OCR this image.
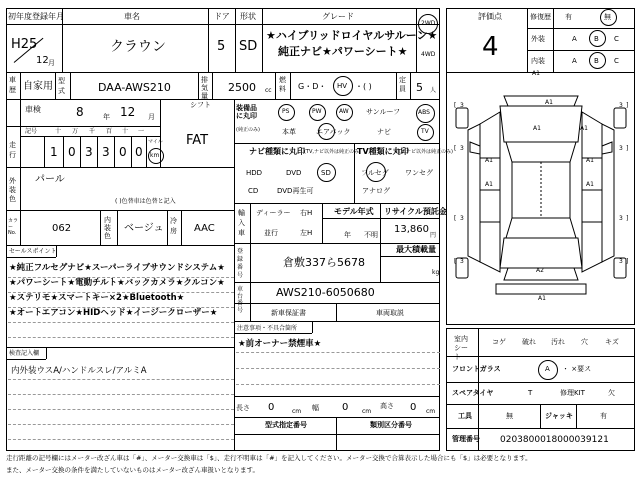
初年度登録年月	車名	ドア 形状	グレード
H25
12 月
クラウン	5 SD
★ハイブリッドロイヤルサルーン★
純正ナビ★パワーシート★
2WD
4WD
車歴 自家用 型式	DAA-AWS210
排気量
2500 cc
燃料 G・D・ HV ・( )
定員 5 人
車検	8	年 12 月
シフト
FAT
走行
記号	十 万 千 百 十 一
1 0 3 3 0 0
マイル
km
外装色
パール
( )色替車は色替と記入
カラーNo.	062
内装色
ベージュ
冷房 AAC
セールスポイント
★純正フルセグナビ★スーパーライブサウンドシステム★
★パワーシート★電動チルト★バックカメラ★クルコン★
★ステリモ★スマートキー×2★Bluetooth★
★オートエアコン★HIDヘッド★イージークローザー★
検査記入欄
内外装ウスA/ハンドルスレ/アルミA
装備品に丸印
(純正のみ)
PS	PW	AW サンルーフ	ABS
本革	エアバック	ナビ	TV
ナビ種類に丸印 (TV,ナビ以外は純正のみ)
HDD	DVD	SD
CD	DVD再生可
TV種類に丸印
(TV,ナビ以外は純正のみ)
フルセグ ワンセグ
アナログ
輸入車
ディーラー 右H
並行	左H
モデル年式
年 不明
リサイクル預託金
13,860
円
登録番号
倉敷337ら5678
最大積載量
kg
車台番号
AWS210-6050680
新車保証書	車両取説
注意事項・不具合箇所
★前オーナー禁煙車★
長さ 0	cm 幅 0 cm
高さ 0 cm
型式指定番号	類別区分番号
評価点
4
修復歴 有	無
外装	A B C
内装	A B C
A1
A1
A1	A1
A1	A1
A1	A1
A2
A1
[ 3	3 ]
[ 3	3 ]
[ 3	3 ]
[ 3	3 ]
室内シート
コゲ 破れ 汚れ 穴 キズ
フロントガラス	A ・ ×要ス
スペアタイヤ	T	修理KIT	欠
工具	無	ジャッキ	有
管理番号 0203800018000039121
走行距離の記号欄にはメーター改ざん車は「#」、メーター交換車は「$」、走行不明車は「#」を記入してください。メーター交換で合算表示した場合にも「$」は必要となります。
また、メーター交換の条件を満たしていないものはメーター改ざん車扱いとなります。
